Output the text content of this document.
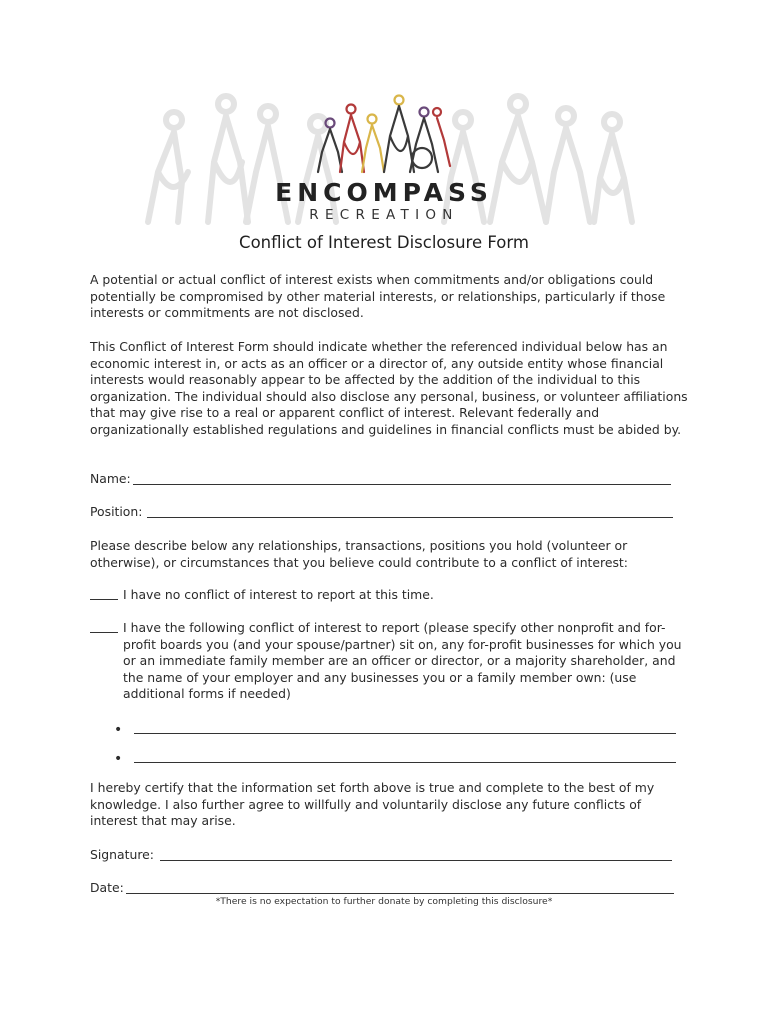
ENCOMPASS
RECREATION
Conflict of Interest Disclosure Form

A potential or actual conflict of interest exists when commitments and/or obligations could potentially be compromised by other material interests, or relationships, particularly if those interests or commitments are not disclosed.

This Conflict of Interest Form should indicate whether the referenced individual below has an economic interest in, or acts as an officer or a director of, any outside entity whose financial interests would reasonably appear to be affected by the addition of the individual to this organization. The individual should also disclose any personal, business, or volunteer affiliations that may give rise to a real or apparent conflict of interest. Relevant federally and organizationally established regulations and guidelines in financial conflicts must be abided by.

Name:
Position:

Please describe below any relationships, transactions, positions you hold (volunteer or otherwise), or circumstances that you believe could contribute to a conflict of interest:

I have no conflict of interest to report at this time.
I have the following conflict of interest to report (please specify other nonprofit and for-profit boards you (and your spouse/partner) sit on, any for-profit businesses for which you or an immediate family member are an officer or director, or a majority shareholder, and the name of your employer and any businesses you or a family member own: (use additional forms if needed)
•
•

I hereby certify that the information set forth above is true and complete to the best of my knowledge. I also further agree to willfully and voluntarily disclose any future conflicts of interest that may arise.

Signature:
Date:
*There is no expectation to further donate by completing this disclosure*
